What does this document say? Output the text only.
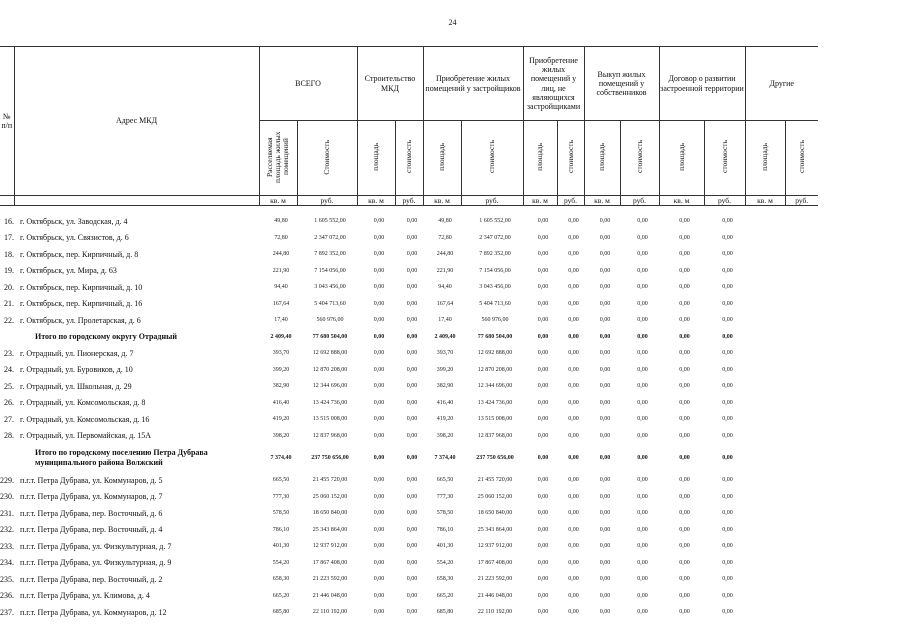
24
№
п/п	Адрес МКД	ВСЕГО		Строительство МКД		Приобретение жилых помещений у застройщиков		Приобретение жилых помещений у лиц, не являющихся застройщиками		Выкуп жилых помещений у собственников		Договор о развитии застроенной территории		Другие	
		Расселяемая площадь жилых помещений	Стоимость	площадь	стоимость	площадь	стоимость	площадь	стоимость	площадь	стоимость	площадь	стоимость	площадь	стоимость
		кв. м	руб.	кв. м	руб.	кв. м	руб.	кв. м	руб.	кв. м	руб.	кв. м	руб.	кв. м	руб.
16.	г. Октябрьск, ул. Заводская, д. 4	49,80	1 605 552,00	0,00	0,00	49,80	1 605 552,00	0,00	0,00	0,00	0,00	0,00	0,00		
17.	г. Октябрьск, ул. Связистов, д. 6	72,80	2 347 072,00	0,00	0,00	72,80	2 347 072,00	0,00	0,00	0,00	0,00	0,00	0,00		
18.	г. Октябрьск, пер. Кирпичный, д. 8	244,80	7 892 352,00	0,00	0,00	244,80	7 892 352,00	0,00	0,00	0,00	0,00	0,00	0,00		
19.	г. Октябрьск, ул. Мира, д. 63	221,90	7 154 056,00	0,00	0,00	221,90	7 154 056,00	0,00	0,00	0,00	0,00	0,00	0,00		
20.	г. Октябрьск, пер. Кирпичный, д. 10	94,40	3 043 456,00	0,00	0,00	94,40	3 043 456,00	0,00	0,00	0,00	0,00	0,00	0,00		
21.	г. Октябрьск, пер. Кирпичный, д. 16	167,64	5 404 713,60	0,00	0,00	167,64	5 404 713,60	0,00	0,00	0,00	0,00	0,00	0,00		
22.	г. Октябрьск, ул. Пролетарская, д. 6	17,40	560 976,00	0,00	0,00	17,40	560 976,00	0,00	0,00	0,00	0,00	0,00	0,00		
	Итого по городскому округу Отрадный	2 409,40	77 680 504,00	0,00	0,00	2 409,40	77 680 504,00	0,00	0,00	0,00	0,00	0,00	0,00		
23.	г. Отрадный, ул. Пионерская, д. 7	393,70	12 692 888,00	0,00	0,00	393,70	12 692 888,00	0,00	0,00	0,00	0,00	0,00	0,00		
24.	г. Отрадный, ул. Буровиков, д. 10	399,20	12 870 208,00	0,00	0,00	399,20	12 870 208,00	0,00	0,00	0,00	0,00	0,00	0,00		
25.	г. Отрадный, ул. Школьная, д. 29	382,90	12 344 696,00	0,00	0,00	382,90	12 344 696,00	0,00	0,00	0,00	0,00	0,00	0,00		
26.	г. Отрадный, ул. Комсомольская, д. 8	416,40	13 424 736,00	0,00	0,00	416,40	13 424 736,00	0,00	0,00	0,00	0,00	0,00	0,00		
27.	г. Отрадный, ул. Комсомольская, д. 16	419,20	13 515 008,00	0,00	0,00	419,20	13 515 008,00	0,00	0,00	0,00	0,00	0,00	0,00		
28.	г. Отрадный, ул. Первомайская, д. 15А	398,20	12 837 968,00	0,00	0,00	398,20	12 837 968,00	0,00	0,00	0,00	0,00	0,00	0,00		
	Итого по городскому поселению Петра Дубрава муниципального района Волжский	7 374,40	237 750 656,00	0,00	0,00	7 374,40	237 750 656,00	0,00	0,00	0,00	0,00	0,00	0,00		
229.	п.г.т. Петра Дубрава, ул. Коммунаров, д. 5	665,50	21 455 720,00	0,00	0,00	665,50	21 455 720,00	0,00	0,00	0,00	0,00	0,00	0,00		
230.	п.г.т. Петра Дубрава, ул. Коммунаров, д. 7	777,30	25 060 152,00	0,00	0,00	777,30	25 060 152,00	0,00	0,00	0,00	0,00	0,00	0,00		
231.	п.г.т. Петра Дубрава, пер. Восточный, д. 6	578,50	18 650 840,00	0,00	0,00	578,50	18 650 840,00	0,00	0,00	0,00	0,00	0,00	0,00		
232.	п.г.т. Петра Дубрава, пер. Восточный, д. 4	786,10	25 343 864,00	0,00	0,00	786,10	25 343 864,00	0,00	0,00	0,00	0,00	0,00	0,00		
233.	п.г.т. Петра Дубрава, ул. Физкультурная, д. 7	401,30	12 937 912,00	0,00	0,00	401,30	12 937 912,00	0,00	0,00	0,00	0,00	0,00	0,00		
234.	п.г.т. Петра Дубрава, ул. Физкультурная, д. 9	554,20	17 867 408,00	0,00	0,00	554,20	17 867 408,00	0,00	0,00	0,00	0,00	0,00	0,00		
235.	п.г.т. Петра Дубрава, пер. Восточный, д. 2	658,30	21 223 592,00	0,00	0,00	658,30	21 223 592,00	0,00	0,00	0,00	0,00	0,00	0,00		
236.	п.г.т. Петра Дубрава, ул. Климова, д. 4	665,20	21 446 048,00	0,00	0,00	665,20	21 446 048,00	0,00	0,00	0,00	0,00	0,00	0,00		
237.	п.г.т. Петра Дубрава, ул. Коммунаров, д. 12	685,80	22 110 192,00	0,00	0,00	685,80	22 110 192,00	0,00	0,00	0,00	0,00	0,00	0,00		
